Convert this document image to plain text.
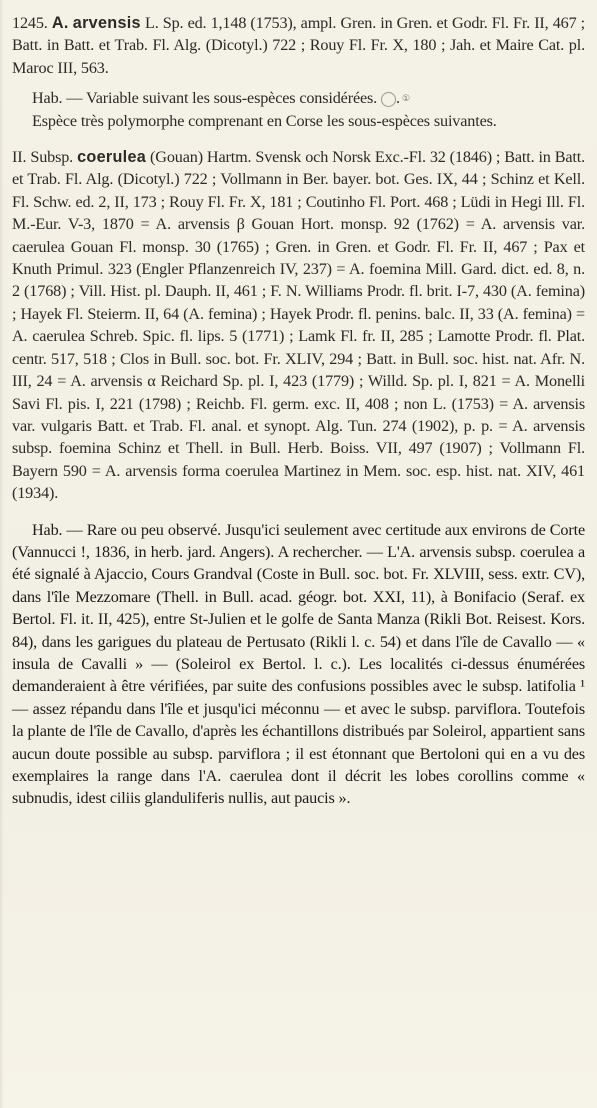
1245. A. arvensis L. Sp. ed. 1,148 (1753), ampl. Gren. in Gren. et Godr. Fl. Fr. II, 467 ; Batt. in Batt. et Trab. Fl. Alg. (Dicotyl.) 722 ; Rouy Fl. Fr. X, 180 ; Jah. et Maire Cat. pl. Maroc III, 563.

Hab. — Variable suivant les sous-espèces considérées.	①.

Espèce très polymorphe comprenant en Corse les sous-espèces suivantes.

II. Subsp. coerulea (Gouan) Hartm. Svensk och Norsk Exc.-Fl. 32 (1846) ; Batt. in Batt. et Trab. Fl. Alg. (Dicotyl.) 722 ; Vollmann in Ber. bayer. bot. Ges. IX, 44 ; Schinz et Kell. Fl. Schw. ed. 2, II, 173 ; Rouy Fl. Fr. X, 181 ; Coutinho Fl. Port. 468 ; Lüdi in Hegi Ill. Fl. M.-Eur. V-3, 1870 = A. arvensis β Gouan Hort. monsp. 92 (1762) = A. arvensis var. caerulea Gouan Fl. monsp. 30 (1765) ; Gren. in Gren. et Godr. Fl. Fr. II, 467 ; Pax et Knuth Primul. 323 (Engler Pflanzenreich IV, 237) = A. foemina Mill. Gard. dict. ed. 8, n. 2 (1768) ; Vill. Hist. pl. Dauph. II, 461 ; F. N. Williams Prodr. fl. brit. I-7, 430 (A. femina) ; Hayek Fl. Steierm. II, 64 (A. femina) ; Hayek Prodr. fl. penins. balc. II, 33 (A. femina) = A. caerulea Schreb. Spic. fl. lips. 5 (1771) ; Lamk Fl. fr. II, 285 ; Lamotte Prodr. fl. Plat. centr. 517, 518 ; Clos in Bull. soc. bot. Fr. XLIV, 294 ; Batt. in Bull. soc. hist. nat. Afr. N. III, 24 = A. arvensis α Reichard Sp. pl. I, 423 (1779) ; Willd. Sp. pl. I, 821 = A. Monelli Savi Fl. pis. I, 221 (1798) ; Reichb. Fl. germ. exc. II, 408 ; non L. (1753) = A. arvensis var. vulgaris Batt. et Trab. Fl. anal. et synopt. Alg. Tun. 274 (1902), p. p. = A. arvensis subsp. foemina Schinz et Thell. in Bull. Herb. Boiss. VII, 497 (1907) ; Vollmann Fl. Bayern 590 = A. arvensis forma coerulea Martinez in Mem. soc. esp. hist. nat. XIV, 461 (1934).

Hab. — Rare ou peu observé. Jusqu'ici seulement avec certitude aux environs de Corte (Vannucci !, 1836, in herb. jard. Angers). A rechercher. — L'A. arvensis subsp. coerulea a été signalé à Ajaccio, Cours Grandval (Coste in Bull. soc. bot. Fr. XLVIII, sess. extr. CV), dans l'île Mezzomare (Thell. in Bull. acad. géogr. bot. XXI, 11), à Bonifacio (Seraf. ex Bertol. Fl. it. II, 425), entre St-Julien et le golfe de Santa Manza (Rikli Bot. Reisest. Kors. 84), dans les garigues du plateau de Pertusato (Rikli l. c. 54) et dans l'île de Cavallo — « insula de Cavalli » — (Soleirol ex Bertol. l. c.). Les localités ci-dessus énumérées demanderaient à être vérifiées, par suite des confusions possibles avec le subsp. latifolia ¹ — assez répandu dans l'île et jusqu'ici méconnu — et avec le subsp. parviflora. Toutefois la plante de l'île de Cavallo, d'après les échantillons distribués par Soleirol, appartient sans aucun doute possible au subsp. parviflora ; il est étonnant que Bertoloni qui en a vu des exemplaires la range dans l'A. caerulea dont il décrit les lobes corollins comme « subnudis, idest ciliis glanduliferis nullis, aut paucis ».
